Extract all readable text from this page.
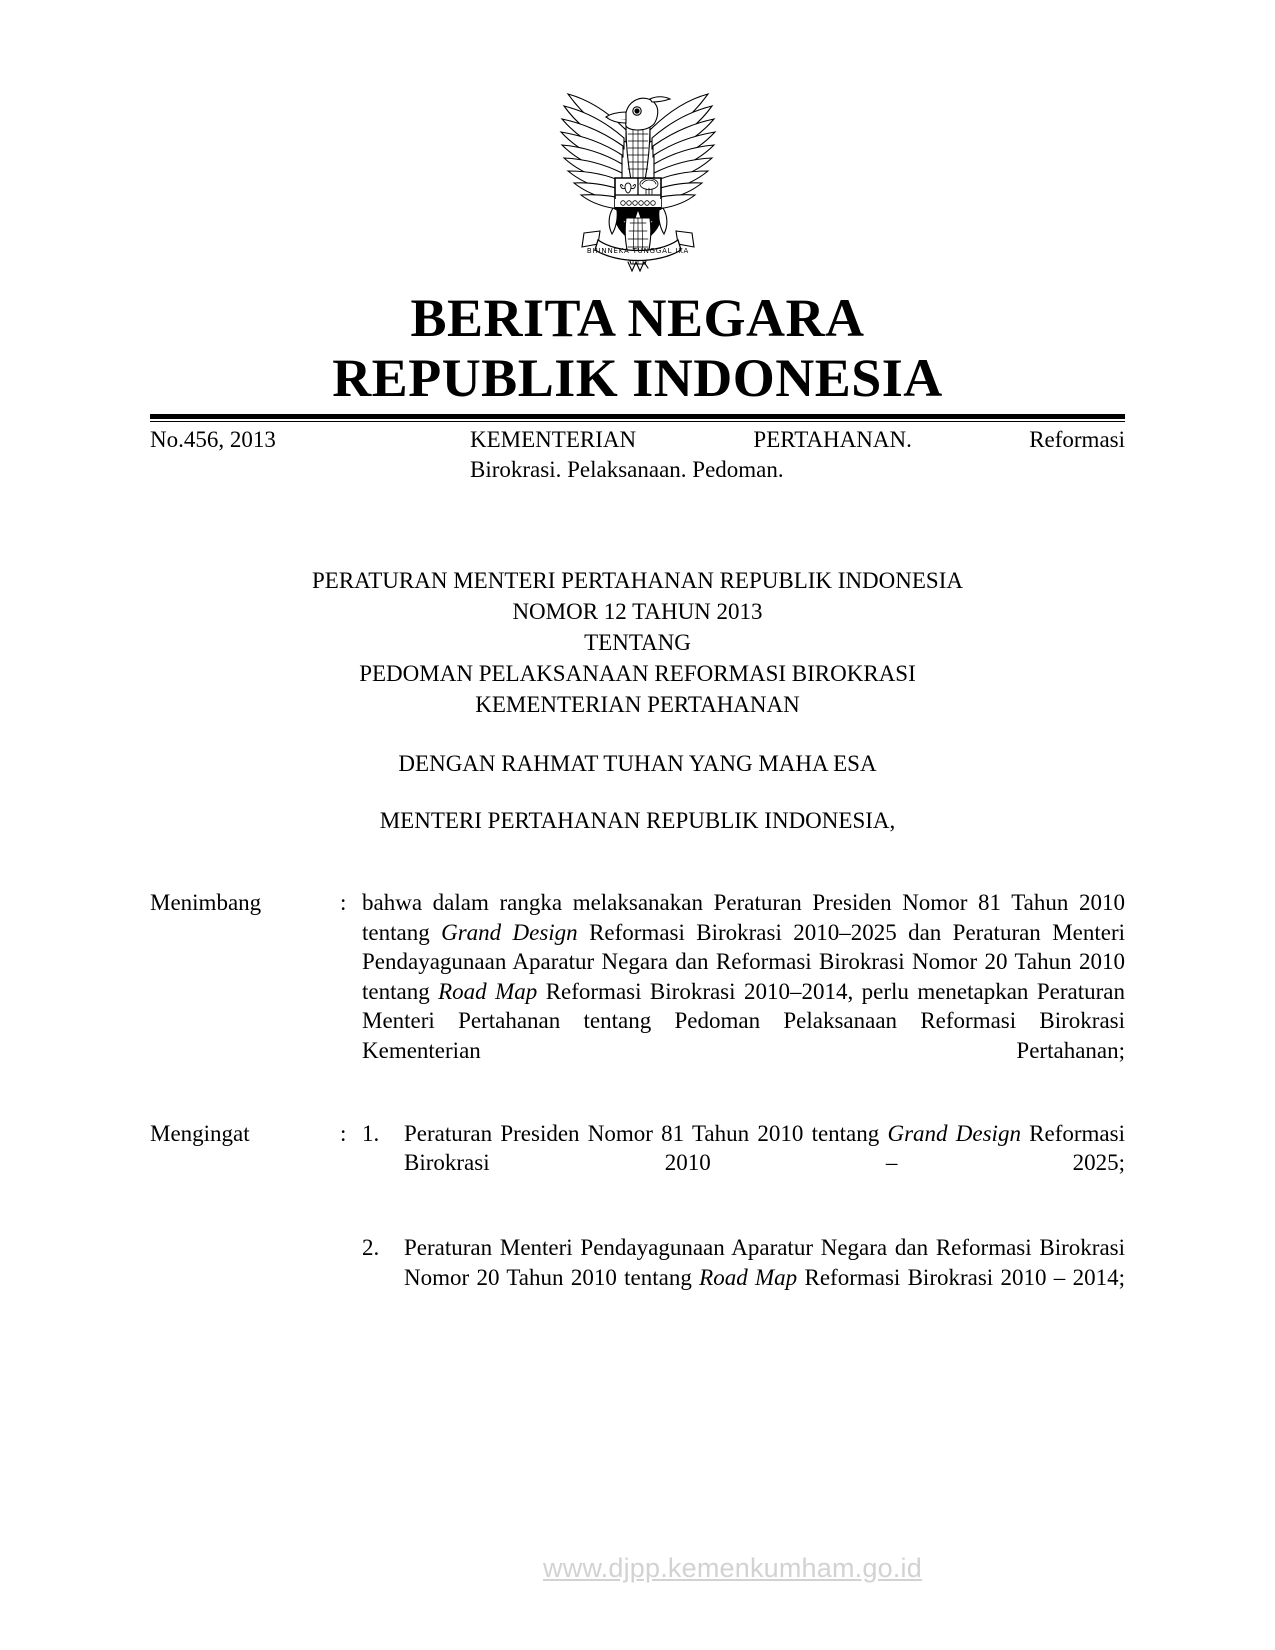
BHINNEKA TUNGGAL IKA
BERITA NEGARA
REPUBLIK INDONESIA
No.456, 2013	KEMENTERIAN PERTAHANAN. Reformasi
Birokrasi. Pelaksanaan. Pedoman.
PERATURAN MENTERI PERTAHANAN REPUBLIK INDONESIA
NOMOR 12 TAHUN 2013
TENTANG
PEDOMAN PELAKSANAAN REFORMASI BIROKRASI
KEMENTERIAN PERTAHANAN
DENGAN RAHMAT TUHAN YANG MAHA ESA
MENTERI PERTAHANAN REPUBLIK INDONESIA,
Menimbang	: bahwa dalam rangka melaksanakan Peraturan Presiden Nomor 81 Tahun 2010 tentang Grand Design Reformasi Birokrasi 2010–2025 dan Peraturan Menteri Pendayagunaan Aparatur Negara dan Reformasi Birokrasi Nomor 20 Tahun 2010 tentang Road Map Reformasi Birokrasi 2010–2014, perlu menetapkan Peraturan Menteri Pertahanan tentang Pedoman Pelaksanaan Reformasi Birokrasi Kementerian Pertahanan;
Mengingat	: 1.	Peraturan Presiden Nomor 81 Tahun 2010 tentang Grand Design Reformasi Birokrasi 2010 – 2025;
2.	Peraturan Menteri Pendayagunaan Aparatur Negara dan Reformasi Birokrasi Nomor 20 Tahun 2010 tentang Road Map Reformasi Birokrasi 2010 – 2014;
www.djpp.kemenkumham.go.id
